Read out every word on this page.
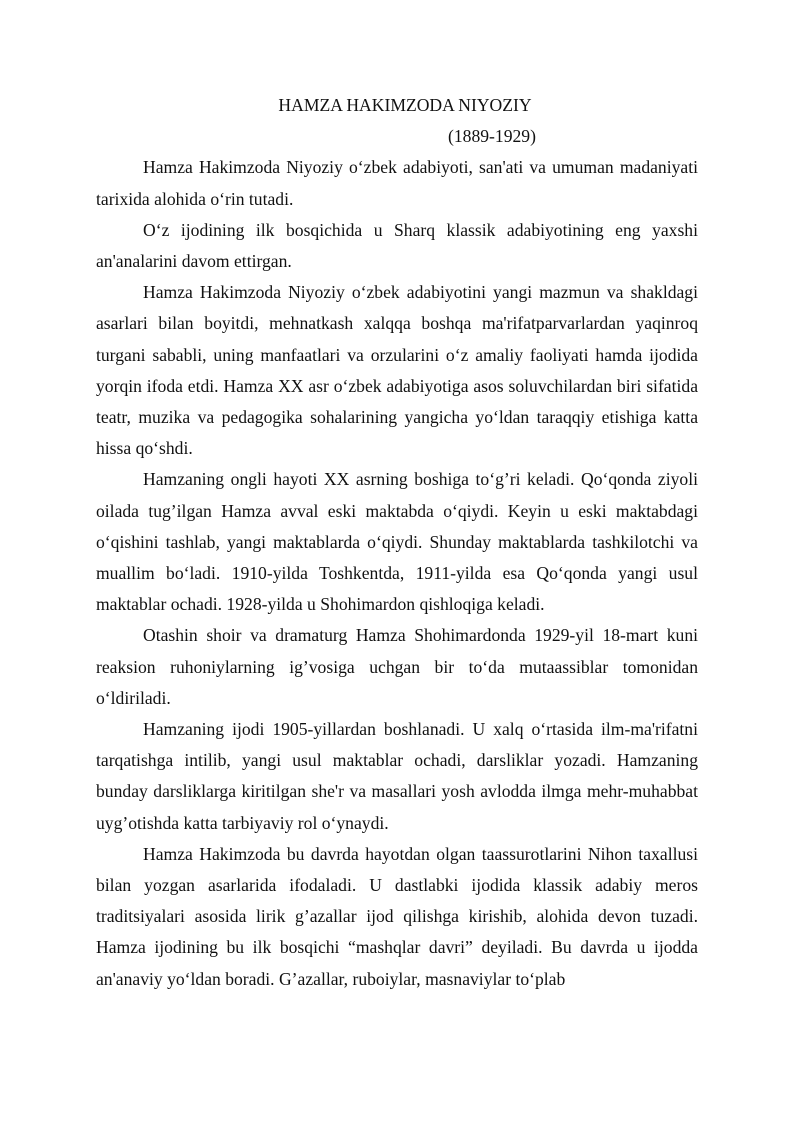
HAMZA HAKIMZODA NIYOZIY

(1889-1929)

Hamza Hakimzoda Niyoziy o‘zbek adabiyoti, san'ati va umuman madaniyati tarixida alohida o‘rin tutadi.

O‘z ijodining ilk bosqichida u Sharq klassik adabiyotining eng yaxshi an'analarini davom ettirgan.

Hamza Hakimzoda Niyoziy o‘zbek adabiyotini yangi mazmun va shakldagi asarlari bilan boyitdi, mehnatkash xalqqa boshqa ma'rifatparvarlardan yaqinroq turgani sababli, uning manfaatlari va orzularini o‘z amaliy faoliyati hamda ijodida yorqin ifoda etdi. Hamza XX asr o‘zbek adabiyotiga asos soluvchilardan biri sifatida teatr, muzika va pedagogika sohalarining yangicha yo‘ldan taraqqiy etishiga katta hissa qo‘shdi.

Hamzaning ongli hayoti XX asrning boshiga to‘g’ri keladi. Qo‘qonda ziyoli oilada tug’ilgan Hamza avval eski maktabda o‘qiydi. Keyin u eski maktabdagi o‘qishini tashlab, yangi maktablarda o‘qiydi. Shunday maktablarda tashkilotchi va muallim bo‘ladi. 1910-yilda Toshkentda, 1911-yilda esa Qo‘qonda yangi usul maktablar ochadi. 1928-yilda u Shohimardon qishloqiga keladi.

Otashin shoir va dramaturg Hamza Shohimardonda 1929-yil 18-mart kuni reaksion ruhoniylarning ig’vosiga uchgan bir to‘da mutaassiblar tomonidan o‘ldiriladi.

Hamzaning ijodi 1905-yillardan boshlanadi. U xalq o‘rtasida ilm-ma'rifatni tarqatishga intilib, yangi usul maktablar ochadi, darsliklar yozadi. Hamzaning bunday darsliklarga kiritilgan she'r va masallari yosh avlodda ilmga mehr-muhabbat uyg’otishda katta tarbiyaviy rol o‘ynaydi.

Hamza Hakimzoda bu davrda hayotdan olgan taassurotlarini Nihon taxallusi bilan yozgan asarlarida ifodaladi. U dastlabki ijodida klassik adabiy meros traditsiyalari asosida lirik g’azallar ijod qilishga kirishib, alohida devon tuzadi. Hamza ijodining bu ilk bosqichi “mashqlar davri” deyiladi. Bu davrda u ijodda an'anaviy yo‘ldan boradi. G’azallar, ruboiylar, masnaviylar to‘plab
